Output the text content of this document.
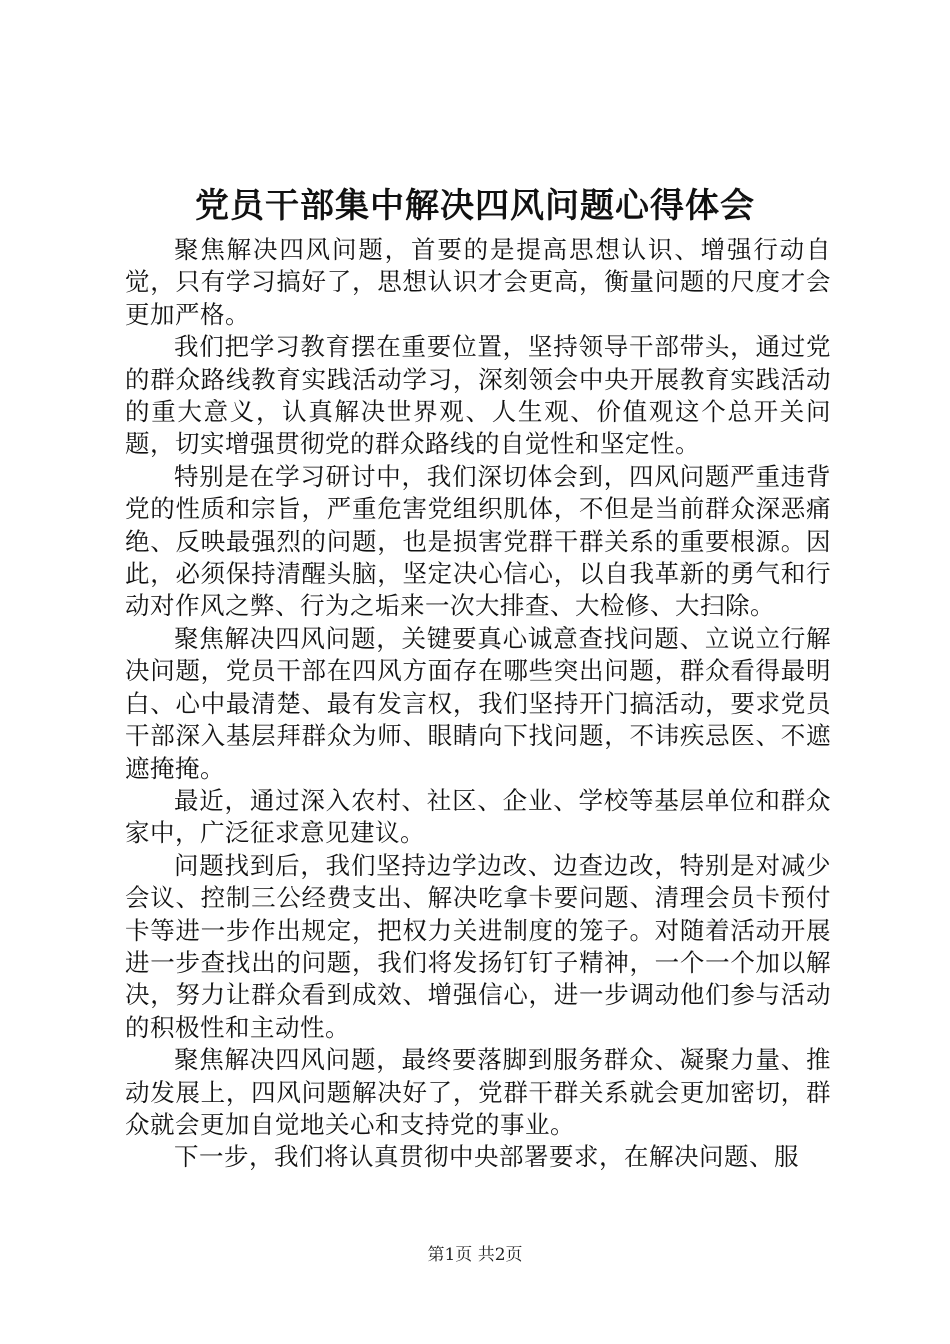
党员干部集中解决四风问题心得体会

聚焦解决四风问题，首要的是提高思想认识、增强行动自觉，只有学习搞好了，思想认识才会更高，衡量问题的尺度才会更加严格。

我们把学习教育摆在重要位置，坚持领导干部带头，通过党的群众路线教育实践活动学习，深刻领会中央开展教育实践活动的重大意义，认真解决世界观、人生观、价值观这个总开关问题，切实增强贯彻党的群众路线的自觉性和坚定性。

特别是在学习研讨中，我们深切体会到，四风问题严重违背党的性质和宗旨，严重危害党组织肌体，不但是当前群众深恶痛绝、反映最强烈的问题，也是损害党群干群关系的重要根源。因此，必须保持清醒头脑，坚定决心信心，以自我革新的勇气和行动对作风之弊、行为之垢来一次大排查、大检修、大扫除。

聚焦解决四风问题，关键要真心诚意查找问题、立说立行解决问题，党员干部在四风方面存在哪些突出问题，群众看得最明白、心中最清楚、最有发言权，我们坚持开门搞活动，要求党员干部深入基层拜群众为师、眼睛向下找问题，不讳疾忌医、不遮遮掩掩。

最近，通过深入农村、社区、企业、学校等基层单位和群众家中，广泛征求意见建议。

问题找到后，我们坚持边学边改、边查边改，特别是对减少会议、控制三公经费支出、解决吃拿卡要问题、清理会员卡预付卡等进一步作出规定，把权力关进制度的笼子。对随着活动开展进一步查找出的问题，我们将发扬钉钉子精神，一个一个加以解决，努力让群众看到成效、增强信心，进一步调动他们参与活动的积极性和主动性。

聚焦解决四风问题，最终要落脚到服务群众、凝聚力量、推动发展上，四风问题解决好了，党群干群关系就会更加密切，群众就会更加自觉地关心和支持党的事业。

下一步，我们将认真贯彻中央部署要求，在解决问题、服

第1页 共2页
